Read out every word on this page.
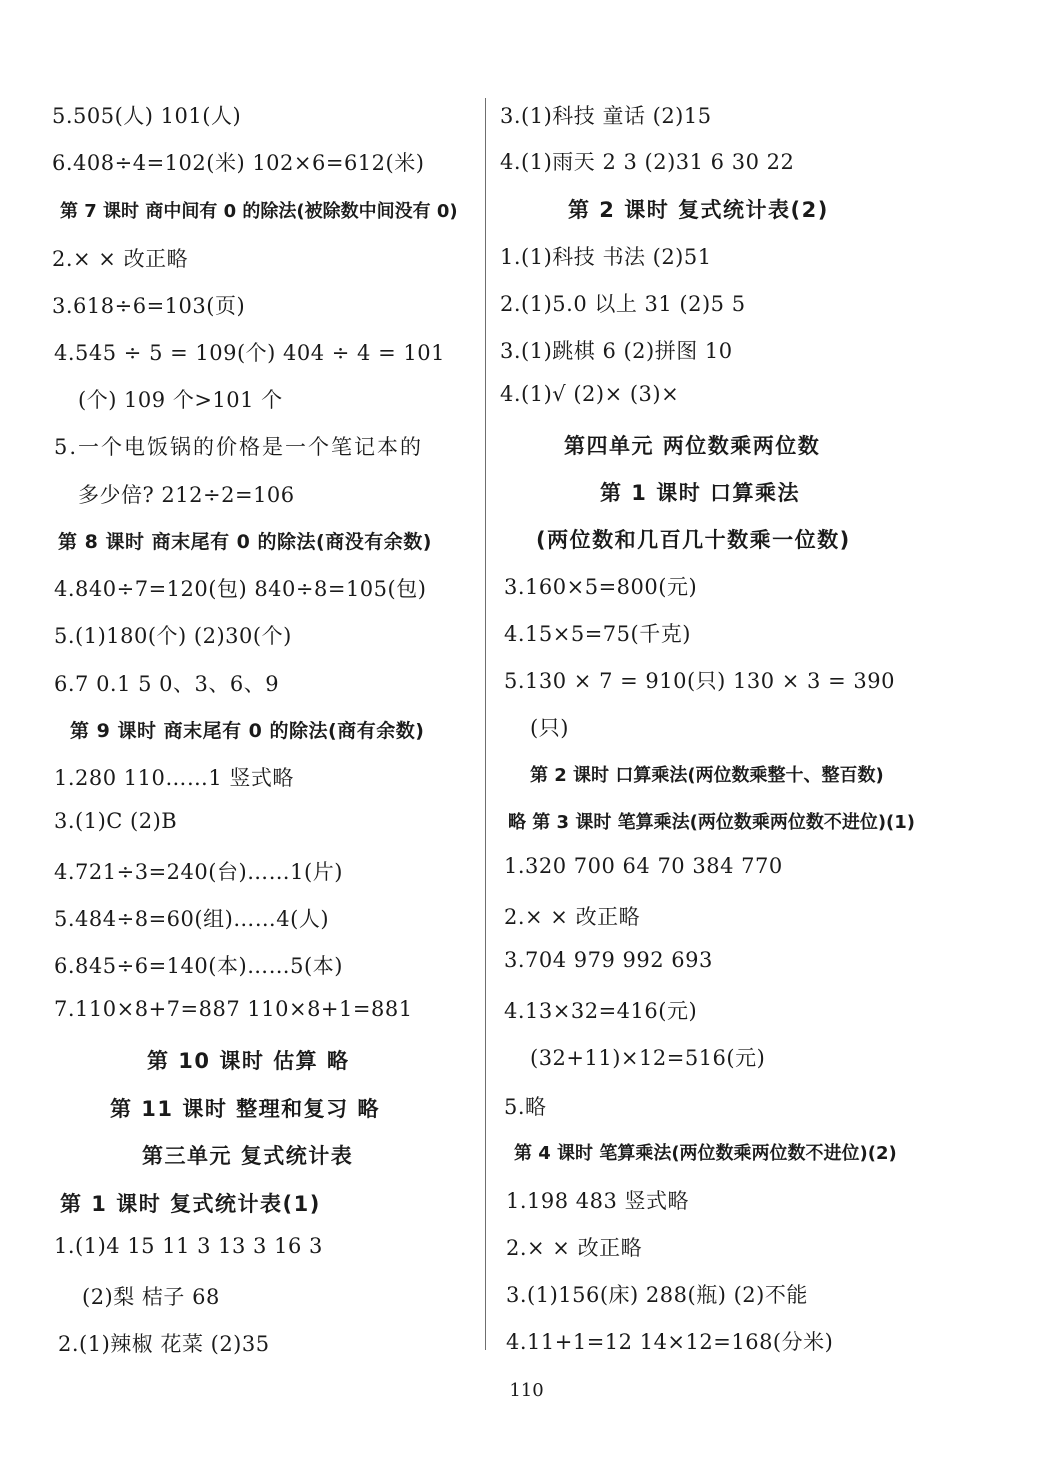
5.505(人) 101(人)
6.408÷4=102(米) 102×6=612(米)
第 7 课时 商中间有 0 的除法(被除数中间没有 0)
2.× × 改正略
3.618÷6=103(页)
4.545 ÷ 5 = 109(个) 404 ÷ 4 = 101
(个) 109 个>101 个
5.一个电饭锅的价格是一个笔记本的
多少倍? 212÷2=106
第 8 课时 商末尾有 0 的除法(商没有余数)
4.840÷7=120(包) 840÷8=105(包)
5.(1)180(个) (2)30(个)
6.7 0.1 5 0、3、6、9
第 9 课时 商末尾有 0 的除法(商有余数)
1.280 110……1 竖式略
3.(1)C (2)B
4.721÷3=240(台)……1(片)
5.484÷8=60(组)……4(人)
6.845÷6=140(本)……5(本)
7.110×8+7=887 110×8+1=881
第 10 课时 估算 略
第 11 课时 整理和复习 略
第三单元 复式统计表
第 1 课时 复式统计表(1)
1.(1)4 15 11 3 13 3 16 3
(2)梨 桔子 68
2.(1)辣椒 花菜 (2)35
3.(1)科技 童话 (2)15
4.(1)雨天 2 3 (2)31 6 30 22
第 2 课时 复式统计表(2)
1.(1)科技 书法 (2)51
2.(1)5.0 以上 31 (2)5 5
3.(1)跳棋 6 (2)拼图 10
4.(1)√ (2)× (3)×
第四单元 两位数乘两位数
第 1 课时 口算乘法
(两位数和几百几十数乘一位数)
3.160×5=800(元)
4.15×5=75(千克)
5.130 × 7 = 910(只) 130 × 3 = 390
(只)
第 2 课时 口算乘法(两位数乘整十、整百数)
略 第 3 课时 笔算乘法(两位数乘两位数不进位)(1)
1.320 700 64 70 384 770
2.× × 改正略
3.704 979 992 693
4.13×32=416(元)
(32+11)×12=516(元)
5.略
第 4 课时 笔算乘法(两位数乘两位数不进位)(2)
1.198 483 竖式略
2.× × 改正略
3.(1)156(床) 288(瓶) (2)不能
4.11+1=12 14×12=168(分米)
110
